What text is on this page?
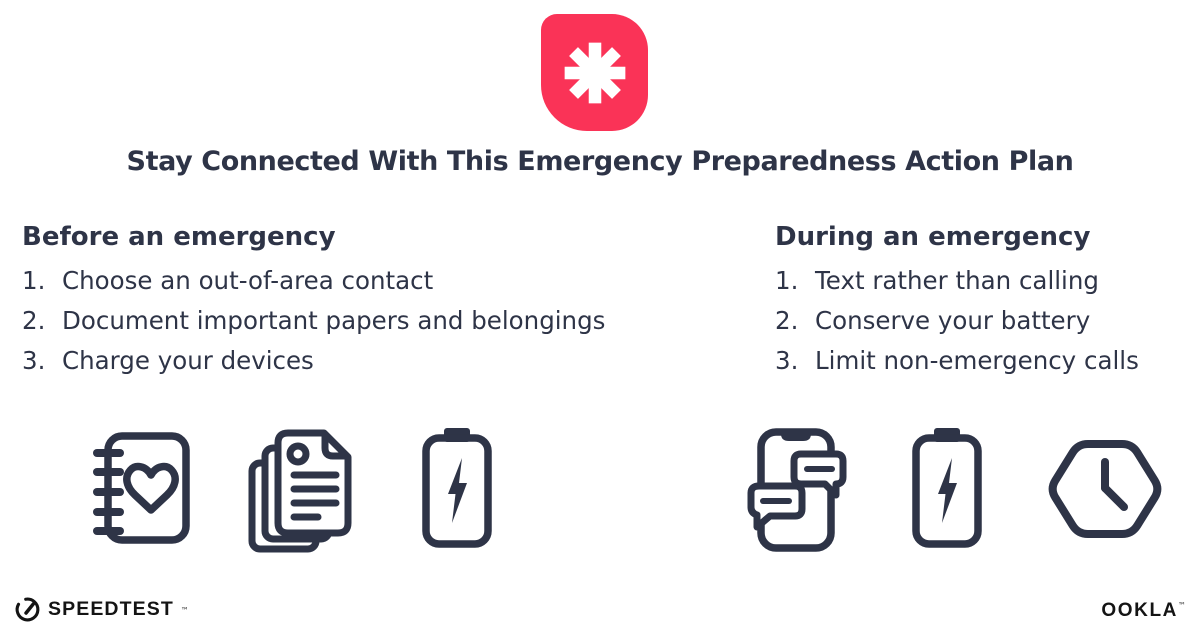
Stay Connected With This Emergency Preparedness Action Plan
Before an emergency
1. Choose an out-of-area contact
2. Document important papers and belongings
3. Charge your devices
During an emergency
1. Text rather than calling
2. Conserve your battery
3. Limit non-emergency calls
SPEEDTEST ™	OOKLA™
